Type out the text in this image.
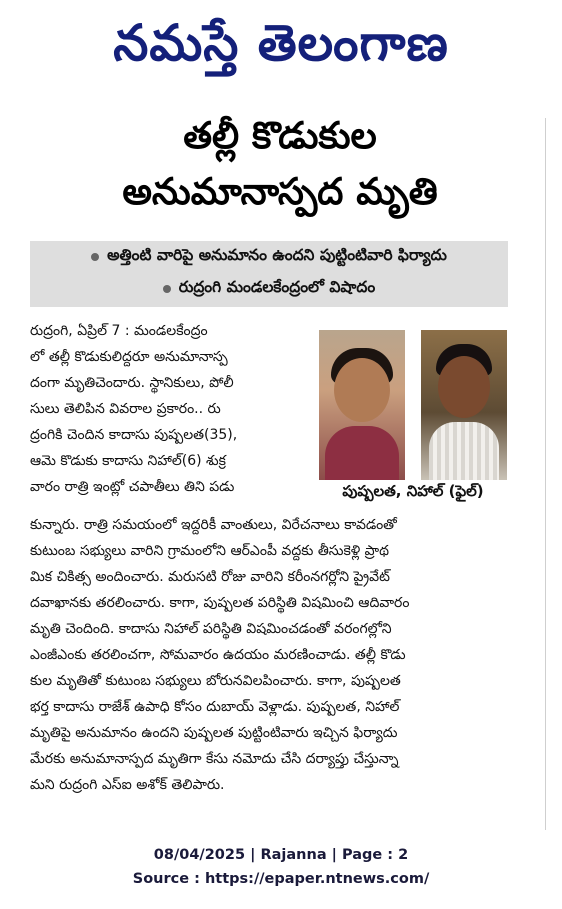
నమస్తే తెలంగాణ
తల్లీ కొడుకుల
అనుమానాస్పద మృతి
అత్తింటి వారిపై అనుమానం ఉందని పుట్టింటివారి ఫిర్యాదు
రుద్రంగి మండలకేంద్రంలో విషాదం
పుష్పలత, నిహాల్ (ఫైల్)

రుద్రంగి, ఏప్రిల్ 7 : మండలకేంద్రం

లో తల్లీ కొడుకులిద్దరూ అనుమానాస్ప

దంగా మృతిచెందారు. స్థానికులు, పోలీ

సులు తెలిపిన వివరాల ప్రకారం.. రు

ద్రంగికి చెందిన కాదాసు పుష్పలత(35),

ఆమె కొడుకు కాదాసు నిహాల్(6) శుక్ర

వారం రాత్రి ఇంట్లో చపాతీలు తిని పడు

కున్నారు. రాత్రి సమయంలో ఇద్దరికీ వాంతులు, విరేచనాలు కావడంతో

కుటుంబ సభ్యులు వారిని గ్రామంలోని ఆర్ఎంపీ వద్దకు తీసుకెళ్లి ప్రాథ

మిక చికిత్స అందించారు. మరుసటి రోజు వారిని కరీంనగర్లోని ప్రైవేట్

దవాఖానకు తరలించారు. కాగా, పుష్పలత పరిస్థితి విషమించి ఆదివారం

మృతి చెందింది. కాదాసు నిహాల్ పరిస్థితి విషమించడంతో వరంగల్లోని

ఎంజీఎంకు తరలించగా, సోమవారం ఉదయం మరణించాడు. తల్లీ కొడు

కుల మృతితో కుటుంబ సభ్యులు బోరునవిలపించారు. కాగా, పుష్పలత

భర్త కాదాసు రాజేశ్ ఉపాధి కోసం దుబాయ్ వెళ్లాడు. పుష్పలత, నిహాల్

మృతిపై అనుమానం ఉందని పుష్పలత పుట్టింటివారు ఇచ్చిన ఫిర్యాదు

మేరకు అనుమానాస్పద మృతిగా కేసు నమోదు చేసి దర్యాప్తు చేస్తున్నా

మని రుద్రంగి ఎస్ఐ అశోక్ తెలిపారు.

08/04/2025 | Rajanna | Page : 2
Source : https://epaper.ntnews.com/
